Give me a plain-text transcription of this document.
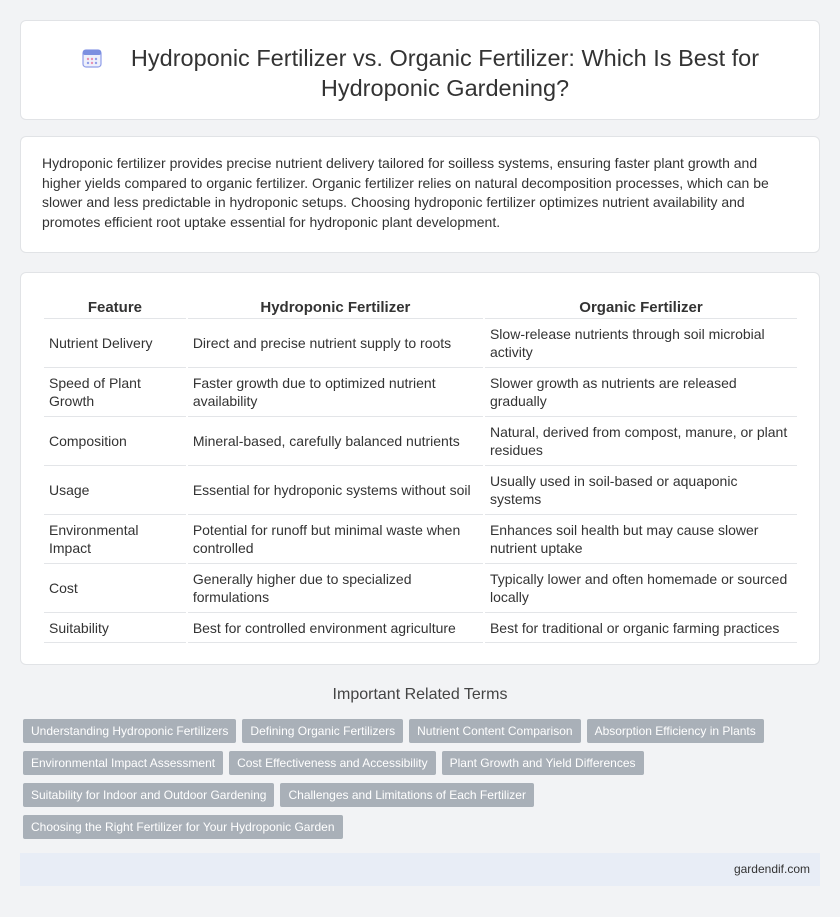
Hydroponic Fertilizer vs. Organic Fertilizer: Which Is Best for Hydroponic Gardening?

Hydroponic fertilizer provides precise nutrient delivery tailored for soilless systems, ensuring faster plant growth and higher yields compared to organic fertilizer. Organic fertilizer relies on natural decomposition processes, which can be slower and less predictable in hydroponic setups. Choosing hydroponic fertilizer optimizes nutrient availability and promotes efficient root uptake essential for hydroponic plant development.

Feature	Hydroponic Fertilizer	Organic Fertilizer
Nutrient Delivery	Direct and precise nutrient supply to roots	Slow-release nutrients through soil microbial activity
Speed of Plant Growth	Faster growth due to optimized nutrient availability	Slower growth as nutrients are released gradually
Composition	Mineral-based, carefully balanced nutrients	Natural, derived from compost, manure, or plant residues
Usage	Essential for hydroponic systems without soil	Usually used in soil-based or aquaponic systems
Environmental Impact	Potential for runoff but minimal waste when controlled	Enhances soil health but may cause slower nutrient uptake
Cost	Generally higher due to specialized formulations	Typically lower and often homemade or sourced locally
Suitability	Best for controlled environment agriculture	Best for traditional or organic farming practices
Important Related Terms
Understanding Hydroponic Fertilizers	Defining Organic Fertilizers	Nutrient Content Comparison	Absorption Efficiency in Plants
Environmental Impact Assessment	Cost Effectiveness and Accessibility	Plant Growth and Yield Differences
Suitability for Indoor and Outdoor Gardening	Challenges and Limitations of Each Fertilizer
Choosing the Right Fertilizer for Your Hydroponic Garden
gardendif.com
